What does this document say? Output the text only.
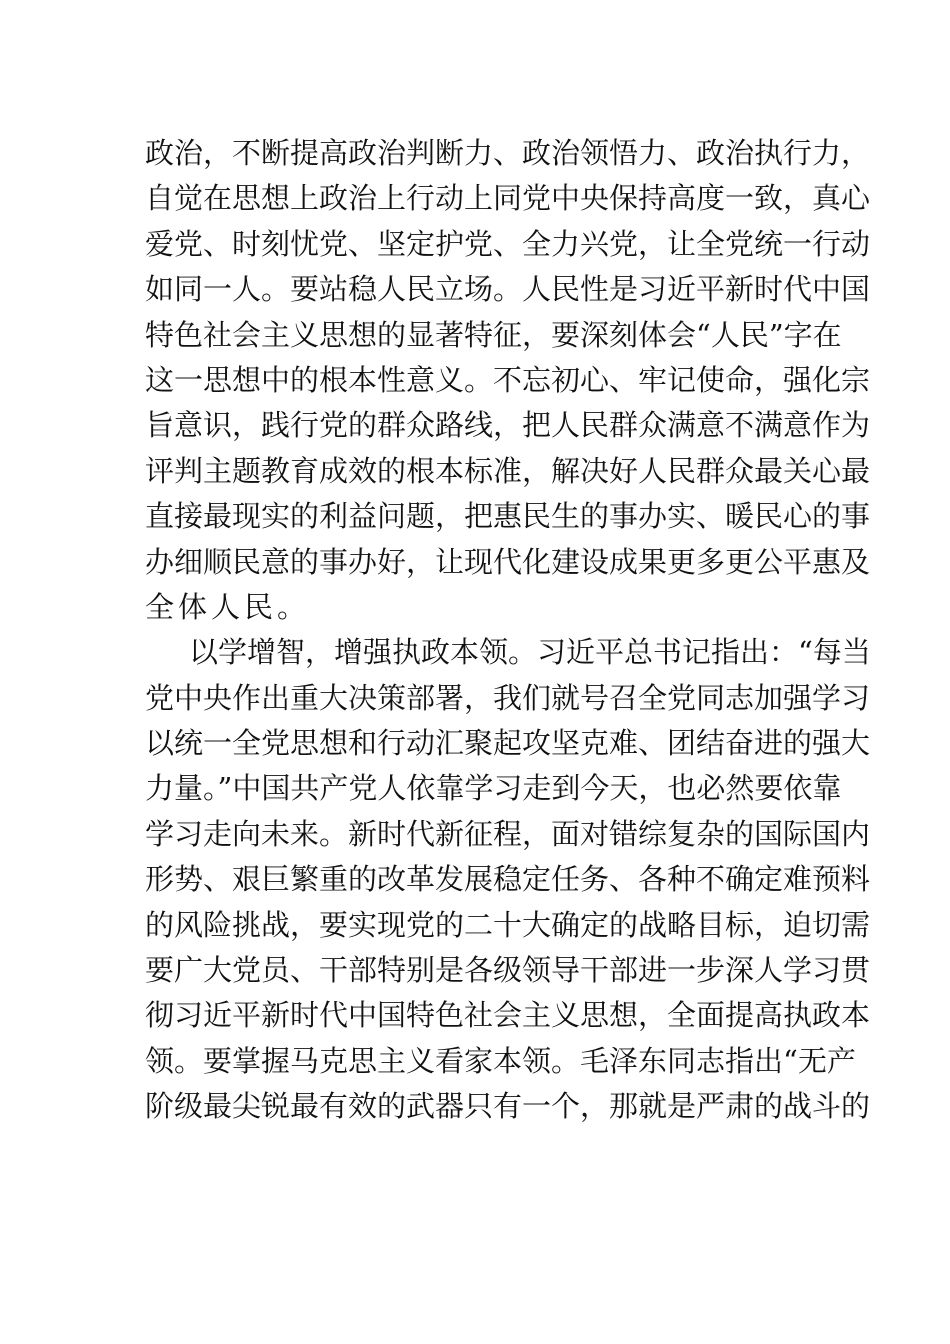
政治，不断提高政治判断力、政治领悟力、政治执行力，
自觉在思想上政治上行动上同党中央保持高度一致，真心
爱党、时刻忧党、坚定护党、全力兴党，让全党统一行动
如同一人。要站稳人民立场。人民性是习近平新时代中国
特色社会主义思想的显著特征，要深刻体会“人民”字在
这一思想中的根本性意义。不忘初心、牢记使命，强化宗
旨意识，践行党的群众路线，把人民群众满意不满意作为
评判主题教育成效的根本标准，解决好人民群众最关心最
直接最现实的利益问题，把惠民生的事办实、暖民心的事
办细顺民意的事办好，让现代化建设成果更多更公平惠及
全体人民。
以学增智，增强执政本领。习近平总书记指出：“每当
党中央作出重大决策部署，我们就号召全党同志加强学习
以统一全党思想和行动汇聚起攻坚克难、团结奋进的强大
力量。”中国共产党人依靠学习走到今天，也必然要依靠
学习走向未来。新时代新征程，面对错综复杂的国际国内
形势、艰巨繁重的改革发展稳定任务、各种不确定难预料
的风险挑战，要实现党的二十大确定的战略目标，迫切需
要广大党员、干部特别是各级领导干部进一步深人学习贯
彻习近平新时代中国特色社会主义思想，全面提高执政本
领。要掌握马克思主义看家本领。毛泽东同志指出“无产
阶级最尖锐最有效的武器只有一个，那就是严肃的战斗的
